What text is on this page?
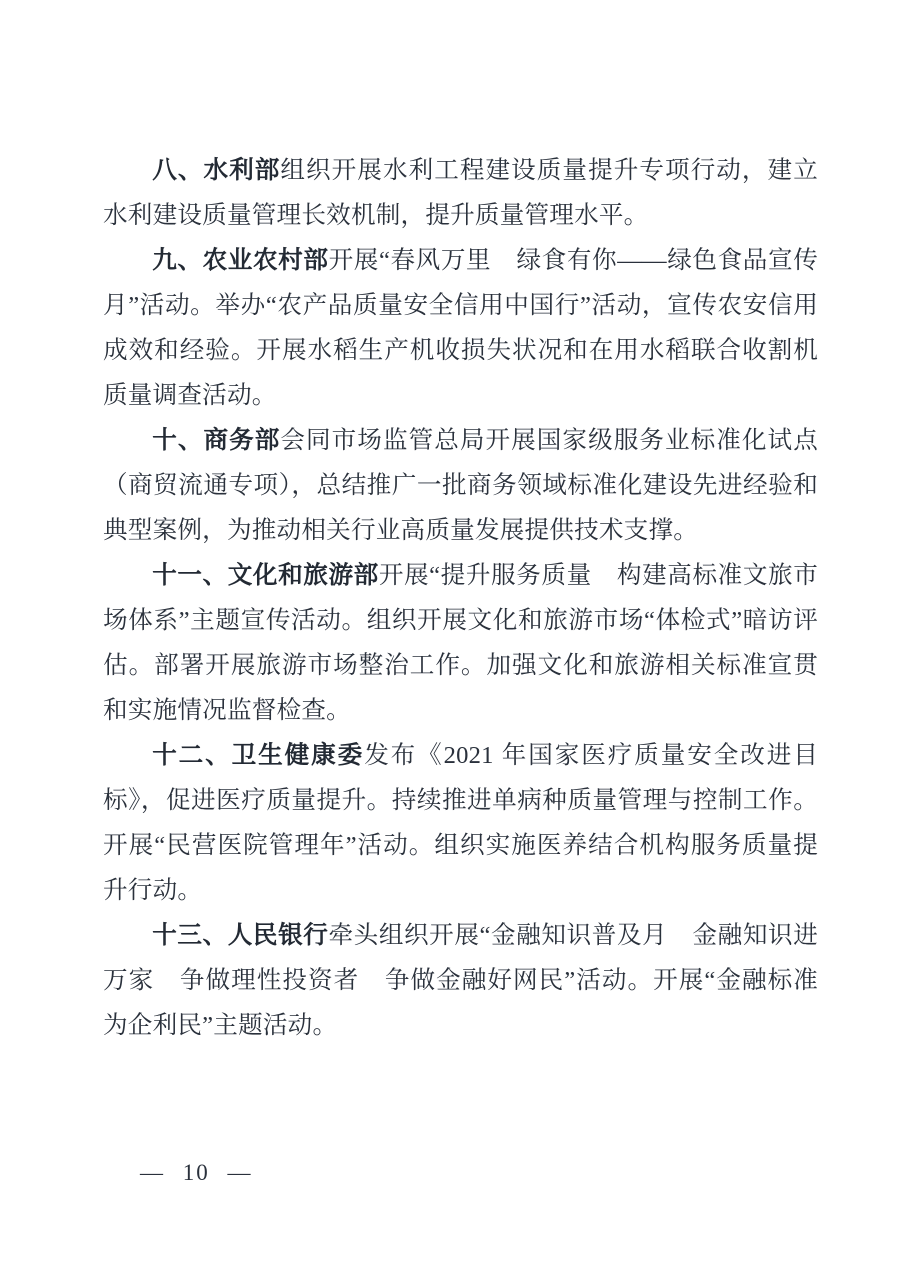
八、水利部组织开展水利工程建设质量提升专项行动，建立水利建设质量管理长效机制，提升质量管理水平。

九、农业农村部开展“春风万里　绿食有你——绿色食品宣传月”活动。举办“农产品质量安全信用中国行”活动，宣传农安信用成效和经验。开展水稻生产机收损失状况和在用水稻联合收割机质量调查活动。

十、商务部会同市场监管总局开展国家级服务业标准化试点（商贸流通专项），总结推广一批商务领域标准化建设先进经验和典型案例，为推动相关行业高质量发展提供技术支撑。

十一、文化和旅游部开展“提升服务质量　构建高标准文旅市场体系”主题宣传活动。组织开展文化和旅游市场“体检式”暗访评估。部署开展旅游市场整治工作。加强文化和旅游相关标准宣贯和实施情况监督检查。

十二、卫生健康委发布《2021 年国家医疗质量安全改进目标》，促进医疗质量提升。持续推进单病种质量管理与控制工作。开展“民营医院管理年”活动。组织实施医养结合机构服务质量提升行动。

十三、人民银行牵头组织开展“金融知识普及月　金融知识进万家　争做理性投资者　争做金融好网民”活动。开展“金融标准　为企利民”主题活动。

— 10 —
